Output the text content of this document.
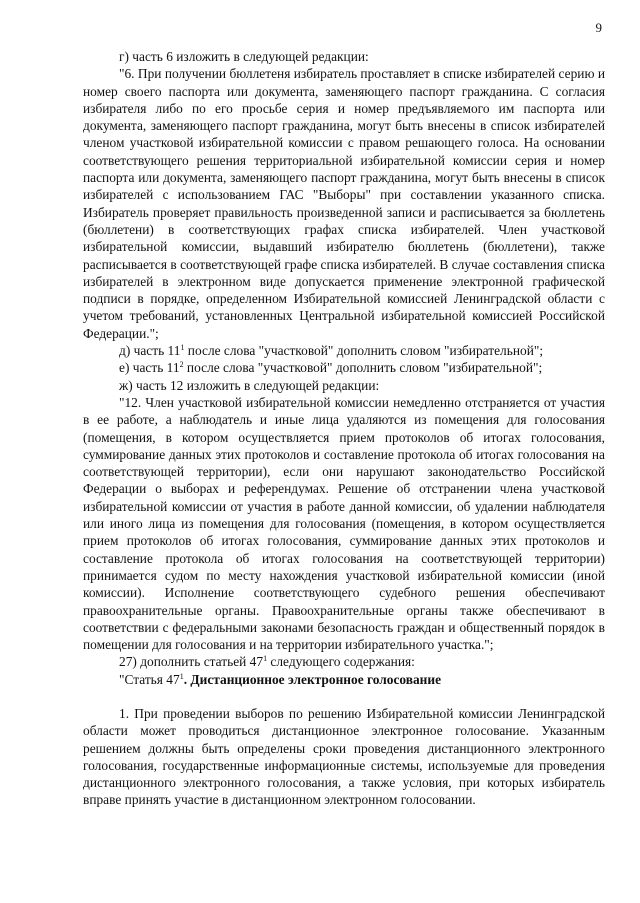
9

г) часть 6 изложить в следующей редакции:

"6. При получении бюллетеня избиратель проставляет в списке избирателей серию и номер своего паспорта или документа, заменяющего паспорт гражданина. С согласия избирателя либо по его просьбе серия и номер предъявляемого им паспорта или документа, заменяющего паспорт гражданина, могут быть внесены в список избирателей членом участковой избирательной комиссии с правом решающего голоса. На основании соответствующего решения территориальной избирательной комиссии серия и номер паспорта или документа, заменяющего паспорт гражданина, могут быть внесены в список избирателей с использованием ГАС "Выборы" при составлении указанного списка. Избиратель проверяет правильность произведенной записи и расписывается за бюллетень (бюллетени) в соответствующих графах списка избирателей. Член участковой избирательной комиссии, выдавший избирателю бюллетень (бюллетени), также расписывается в соответствующей графе списка избирателей. В случае составления списка избирателей в электронном виде допускается применение электронной графической подписи в порядке, определенном Избирательной комиссией Ленинградской области с учетом требований, установленных Центральной избирательной комиссией Российской Федерации.";

д) часть $11^1$ после слова "участковой" дополнить словом "избирательной";

е) часть $11^2$ после слова "участковой" дополнить словом "избирательной";

ж) часть 12 изложить в следующей редакции:

"12. Член участковой избирательной комиссии немедленно отстраняется от участия в ее работе, а наблюдатель и иные лица удаляются из помещения для голосования (помещения, в котором осуществляется прием протоколов об итогах голосования, суммирование данных этих протоколов и составление протокола об итогах голосования на соответствующей территории), если они нарушают законодательство Российской Федерации о выборах и референдумах. Решение об отстранении члена участковой избирательной комиссии от участия в работе данной комиссии, об удалении наблюдателя или иного лица из помещения для голосования (помещения, в котором осуществляется прием протоколов об итогах голосования, суммирование данных этих протоколов и составление протокола об итогах голосования на соответствующей территории) принимается судом по месту нахождения участковой избирательной комиссии (иной комиссии). Исполнение соответствующего судебного решения обеспечивают правоохранительные органы. Правоохранительные органы также обеспечивают в соответствии с федеральными законами безопасность граждан и общественный порядок в помещении для голосования и на территории избирательного участка.";

27) дополнить статьей $47^1$ следующего содержания:

"Статья $47^1$. Дистанционное электронное голосование

1. При проведении выборов по решению Избирательной комиссии Ленинградской области может проводиться дистанционное электронное голосование. Указанным решением должны быть определены сроки проведения дистанционного электронного голосования, государственные информационные системы, используемые для проведения дистанционного электронного голосования, а также условия, при которых избиратель вправе принять участие в дистанционном электронном голосовании.
